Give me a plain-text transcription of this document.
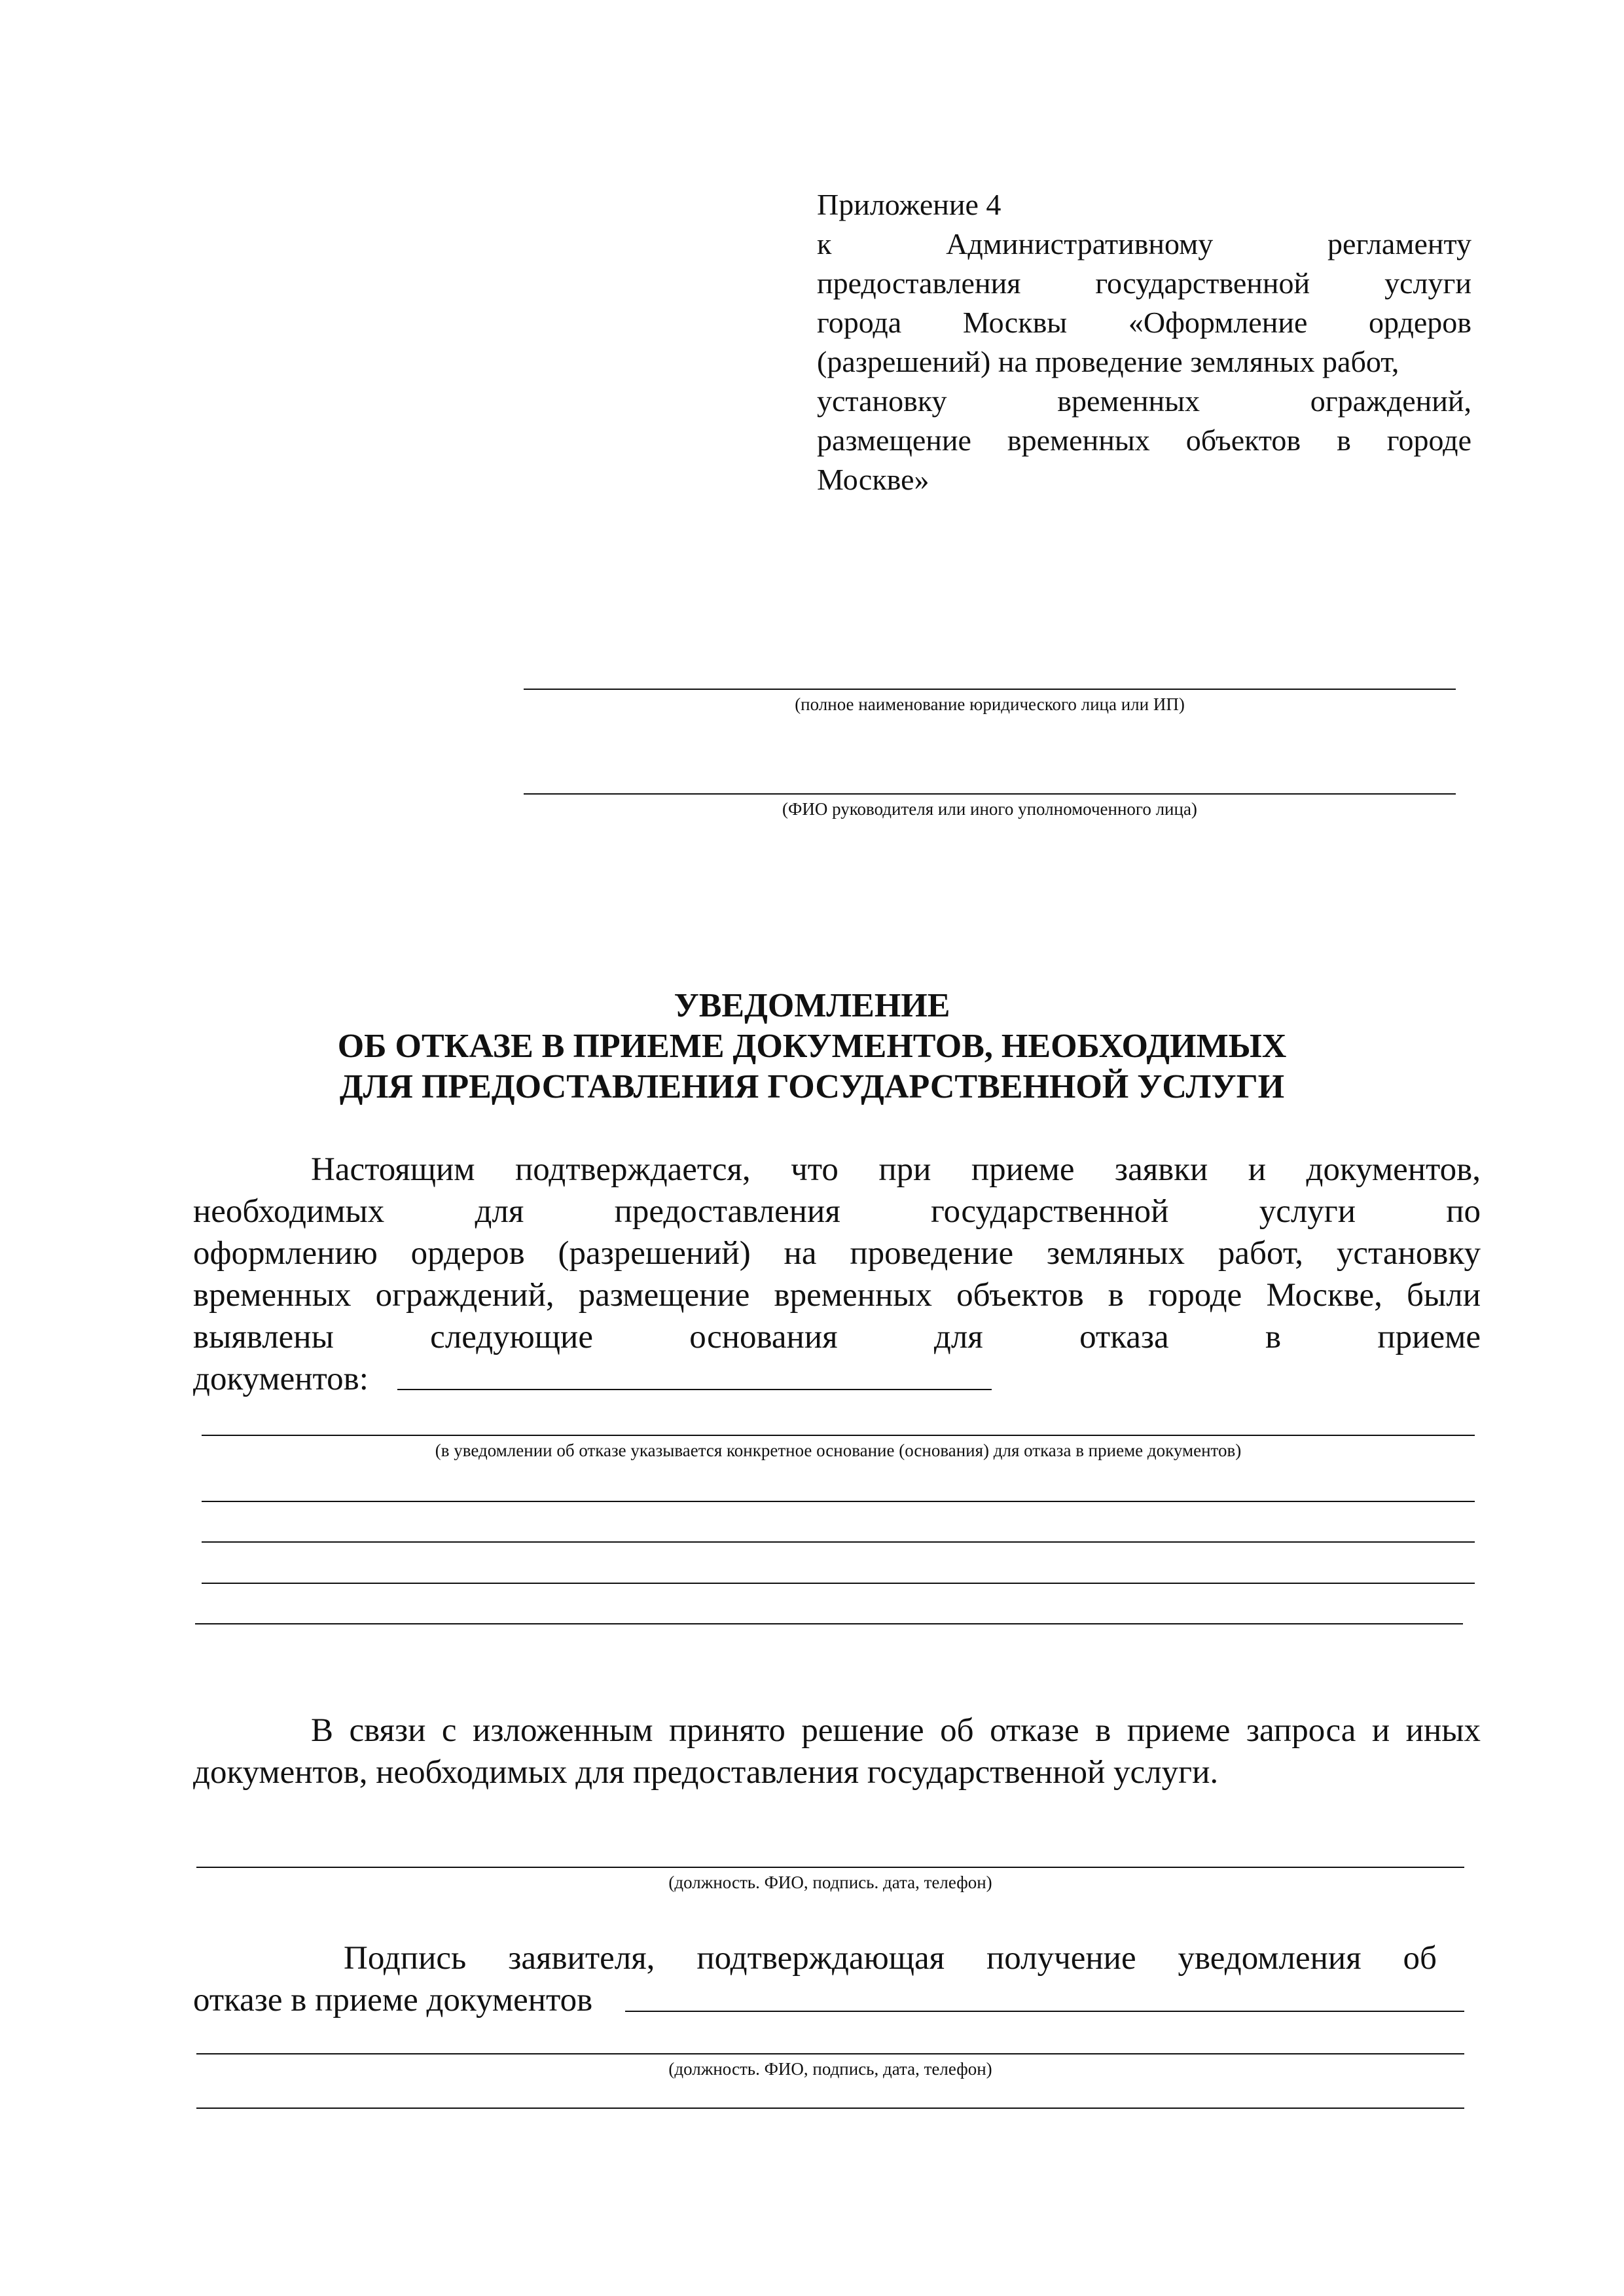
Приложение 4
к Административному регламенту
предоставления государственной услуги
города Москвы «Оформление ордеров
(разрешений) на проведение земляных работ,
установку временных ограждений,
размещение временных объектов в городе
Москве»
(полное наименование юридического лица или ИП)
(ФИО руководителя или иного уполномоченного лица)
УВЕДОМЛЕНИЕ
ОБ ОТКАЗЕ В ПРИЕМЕ ДОКУМЕНТОВ, НЕОБХОДИМЫХ
ДЛЯ ПРЕДОСТАВЛЕНИЯ ГОСУДАРСТВЕННОЙ УСЛУГИ
Настоящим подтверждается, что при приеме заявки и документов,
необходимых для предоставления государственной услуги по
оформлению ордеров (разрешений) на проведение земляных работ, установку
временных ограждений, размещение временных объектов в городе Москве, были
выявлены следующие основания для отказа в приеме
документов:
(в уведомлении об отказе указывается конкретное основание (основания) для отказа в приеме документов)
В связи с изложенным принято решение об отказе в приеме запроса и иных
документов, необходимых для предоставления государственной услуги.
(должность. ФИО, подпись. дата, телефон)
Подпись заявителя, подтверждающая получение уведомления об
отказе в приеме документов
(должность. ФИО, подпись, дата, телефон)
